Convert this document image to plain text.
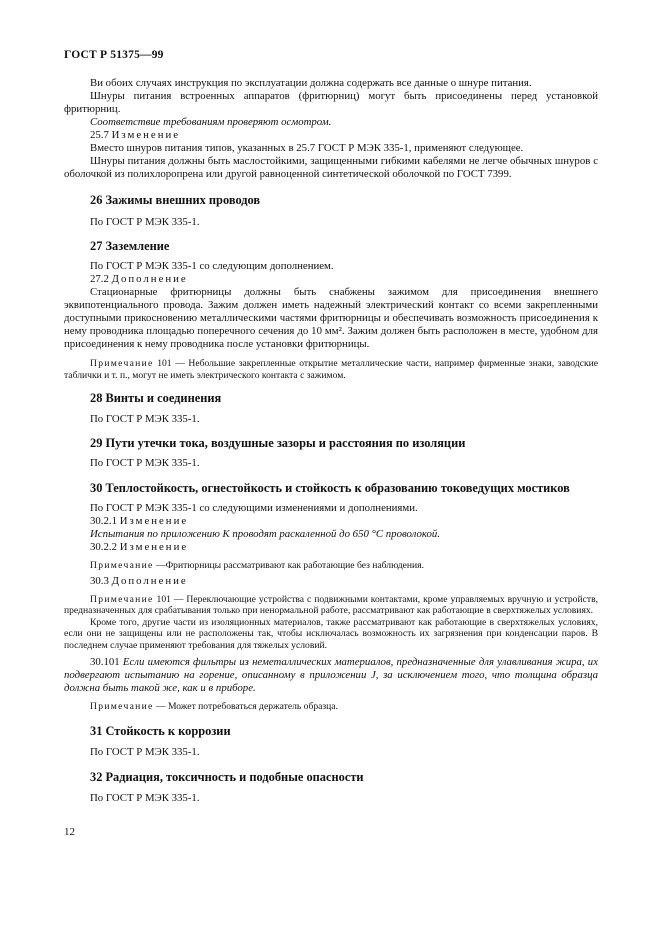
ГОСТ Р 51375—99

Ви обоих случаях инструкция по эксплуатации должна содержать все данные о шнуре питания.

Шнуры питания встроенных аппаратов (фритюрниц) могут быть присоединены перед установкой фритюрниц.

Соответствие требованиям проверяют осмотром.

25.7 Изменение

Вместо шнуров питания типов, указанных в 25.7 ГОСТ Р МЭК 335-1, применяют следующее.

Шнуры питания должны быть маслостойкими, защищенными гибкими кабелями не легче обычных шнуров с оболочкой из полихлоропрена или другой равноценной синтетической оболочкой по ГОСТ 7399.

26 Зажимы внешних проводов

По ГОСТ Р МЭК 335-1.

27 Заземление

По ГОСТ Р МЭК 335-1 со следующим дополнением.

27.2 Дополнение

Стационарные фритюрницы должны быть снабжены зажимом для присоединения внешнего эквипотенциального провода. Зажим должен иметь надежный электрический контакт со всеми закрепленными доступными прикосновению металлическими частями фритюрницы и обеспечивать возможность присоединения к нему проводника площадью поперечного сечения до 10 мм². Зажим должен быть расположен в месте, удобном для присоединения к нему проводника после установки фритюрницы.

Примечание 101 — Небольшие закрепленные открытие металлические части, например фирменные знаки, заводские таблички и т. п., могут не иметь электрического контакта с зажимом.

28 Винты и соединения

По ГОСТ Р МЭК 335-1.

29 Пути утечки тока, воздушные зазоры и расстояния по изоляции

По ГОСТ Р МЭК 335-1.

30 Теплостойкость, огнестойкость и стойкость к образованию токоведущих мостиков

По ГОСТ Р МЭК 335-1 со следующими изменениями и дополнениями.

30.2.1 Изменение

Испытания по приложению К проводят раскаленной до 650 °С проволокой.

30.2.2 Изменение

Примечание —Фритюрницы рассматривают как работающие без наблюдения.

30.3 Дополнение

Примечание 101 — Переключающие устройства с подвижными контактами, кроме управляемых вручную и устройств, предназначенных для срабатывания только при ненормальной работе, рассматривают как работающие в сверхтяжелых условиях.

Кроме того, другие части из изоляционных материалов, также рассматривают как работающие в сверхтяжелых условиях, если они не защищены или не расположены так, чтобы исключалась возможность их загрязнения при конденсации паров. В последнем случае применяют требования для тяжелых условий.

30.101 Если имеются фильтры из неметаллических материалов, предназначенные для улавливания жира, их подвергают испытанию на горение, описанному в приложении J, за исключением того, что толщина образца должна быть такой же, как и в приборе.

Примечание — Может потребоваться держатель образца.

31 Стойкость к коррозии

По ГОСТ Р МЭК 335-1.

32 Радиация, токсичность и подобные опасности

По ГОСТ Р МЭК 335-1.

12
